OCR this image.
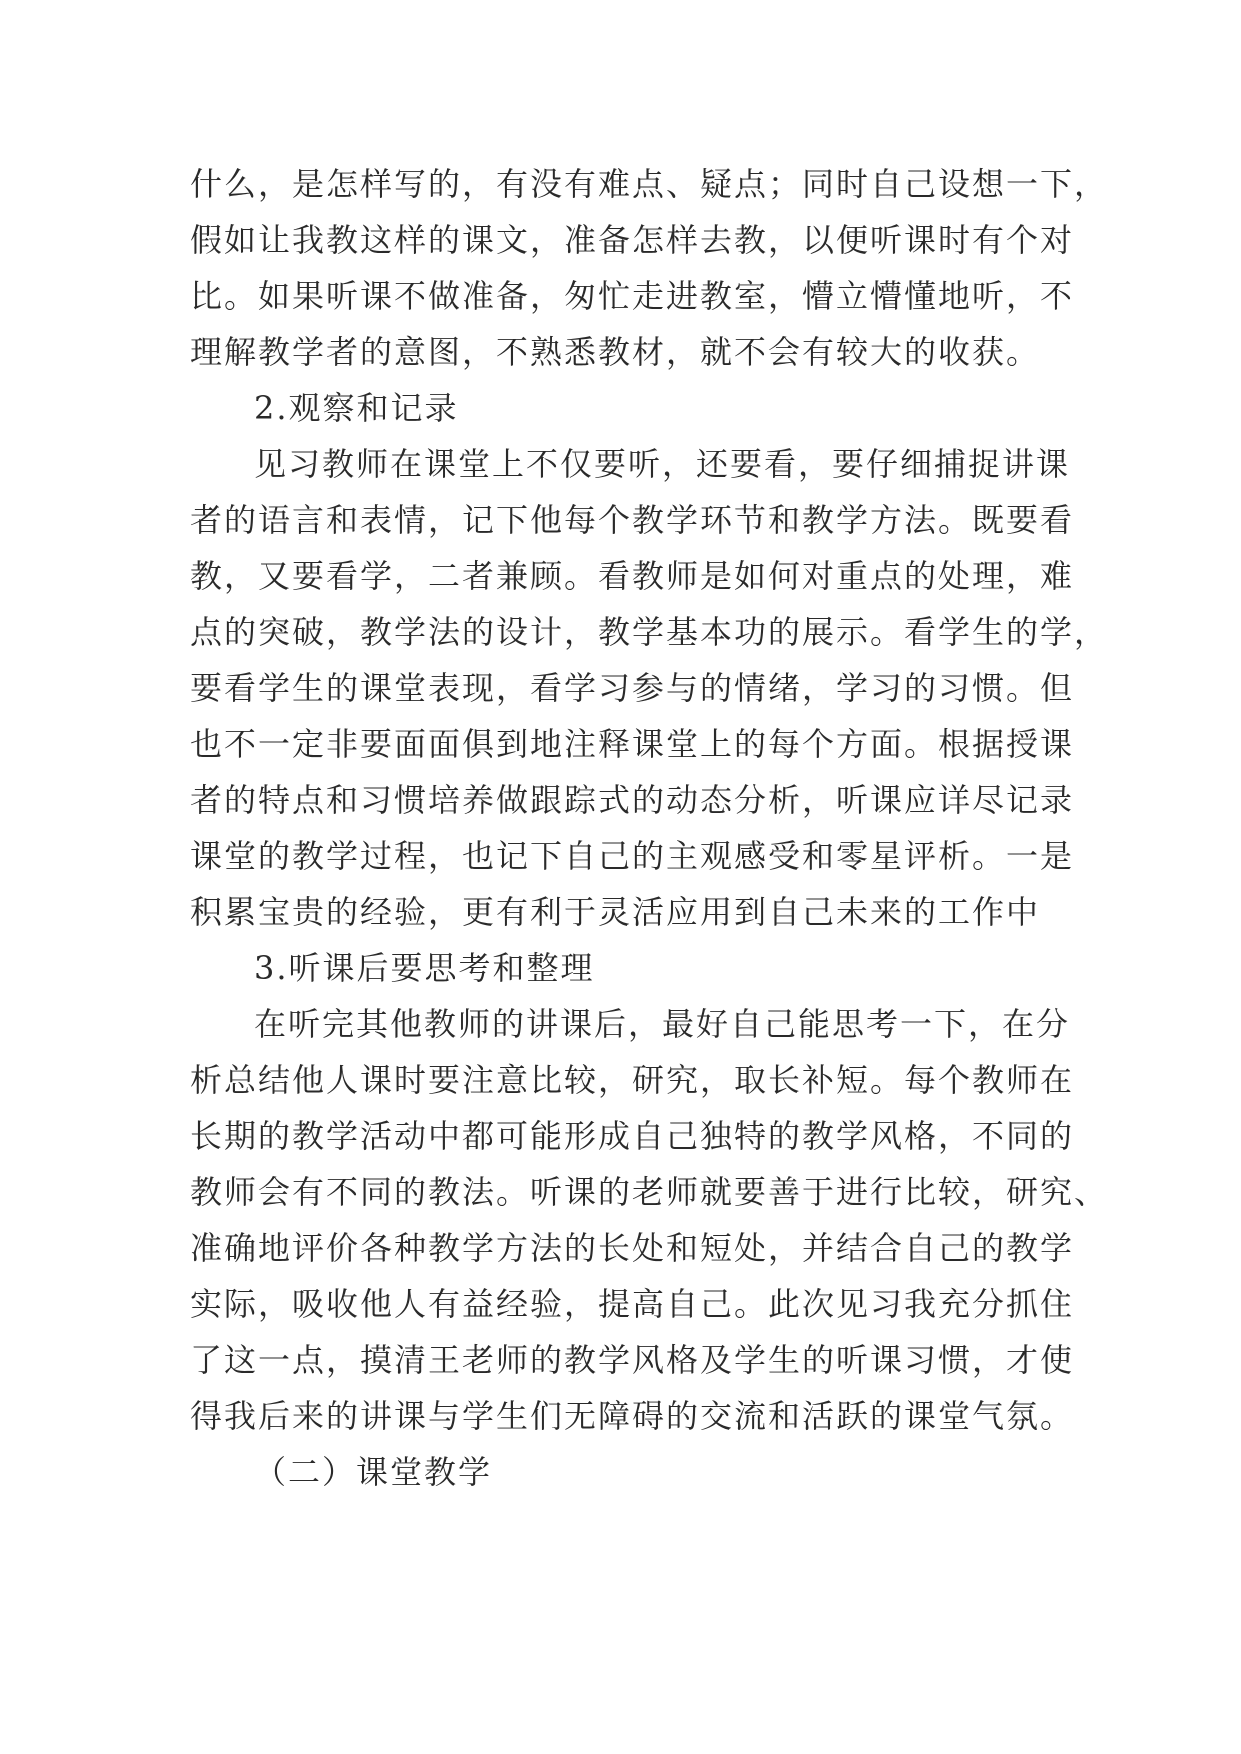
什么，是怎样写的，有没有难点、疑点；同时自己设想一下，
假如让我教这样的课文，准备怎样去教，以便听课时有个对
比。如果听课不做准备，匆忙走进教室，懵立懵懂地听，不
理解教学者的意图，不熟悉教材，就不会有较大的收获。
2.观察和记录
见习教师在课堂上不仅要听，还要看，要仔细捕捉讲课
者的语言和表情，记下他每个教学环节和教学方法。既要看
教，又要看学，二者兼顾。看教师是如何对重点的处理，难
点的突破，教学法的设计，教学基本功的展示。看学生的学，
要看学生的课堂表现，看学习参与的情绪，学习的习惯。但
也不一定非要面面俱到地注释课堂上的每个方面。根据授课
者的特点和习惯培养做跟踪式的动态分析，听课应详尽记录
课堂的教学过程，也记下自己的主观感受和零星评析。一是
积累宝贵的经验，更有利于灵活应用到自己未来的工作中
3.听课后要思考和整理
在听完其他教师的讲课后，最好自己能思考一下，在分
析总结他人课时要注意比较，研究，取长补短。每个教师在
长期的教学活动中都可能形成自己独特的教学风格，不同的
教师会有不同的教法。听课的老师就要善于进行比较，研究、
准确地评价各种教学方法的长处和短处，并结合自己的教学
实际，吸收他人有益经验，提高自己。此次见习我充分抓住
了这一点，摸清王老师的教学风格及学生的听课习惯，才使
得我后来的讲课与学生们无障碍的交流和活跃的课堂气氛。
（二）课堂教学
